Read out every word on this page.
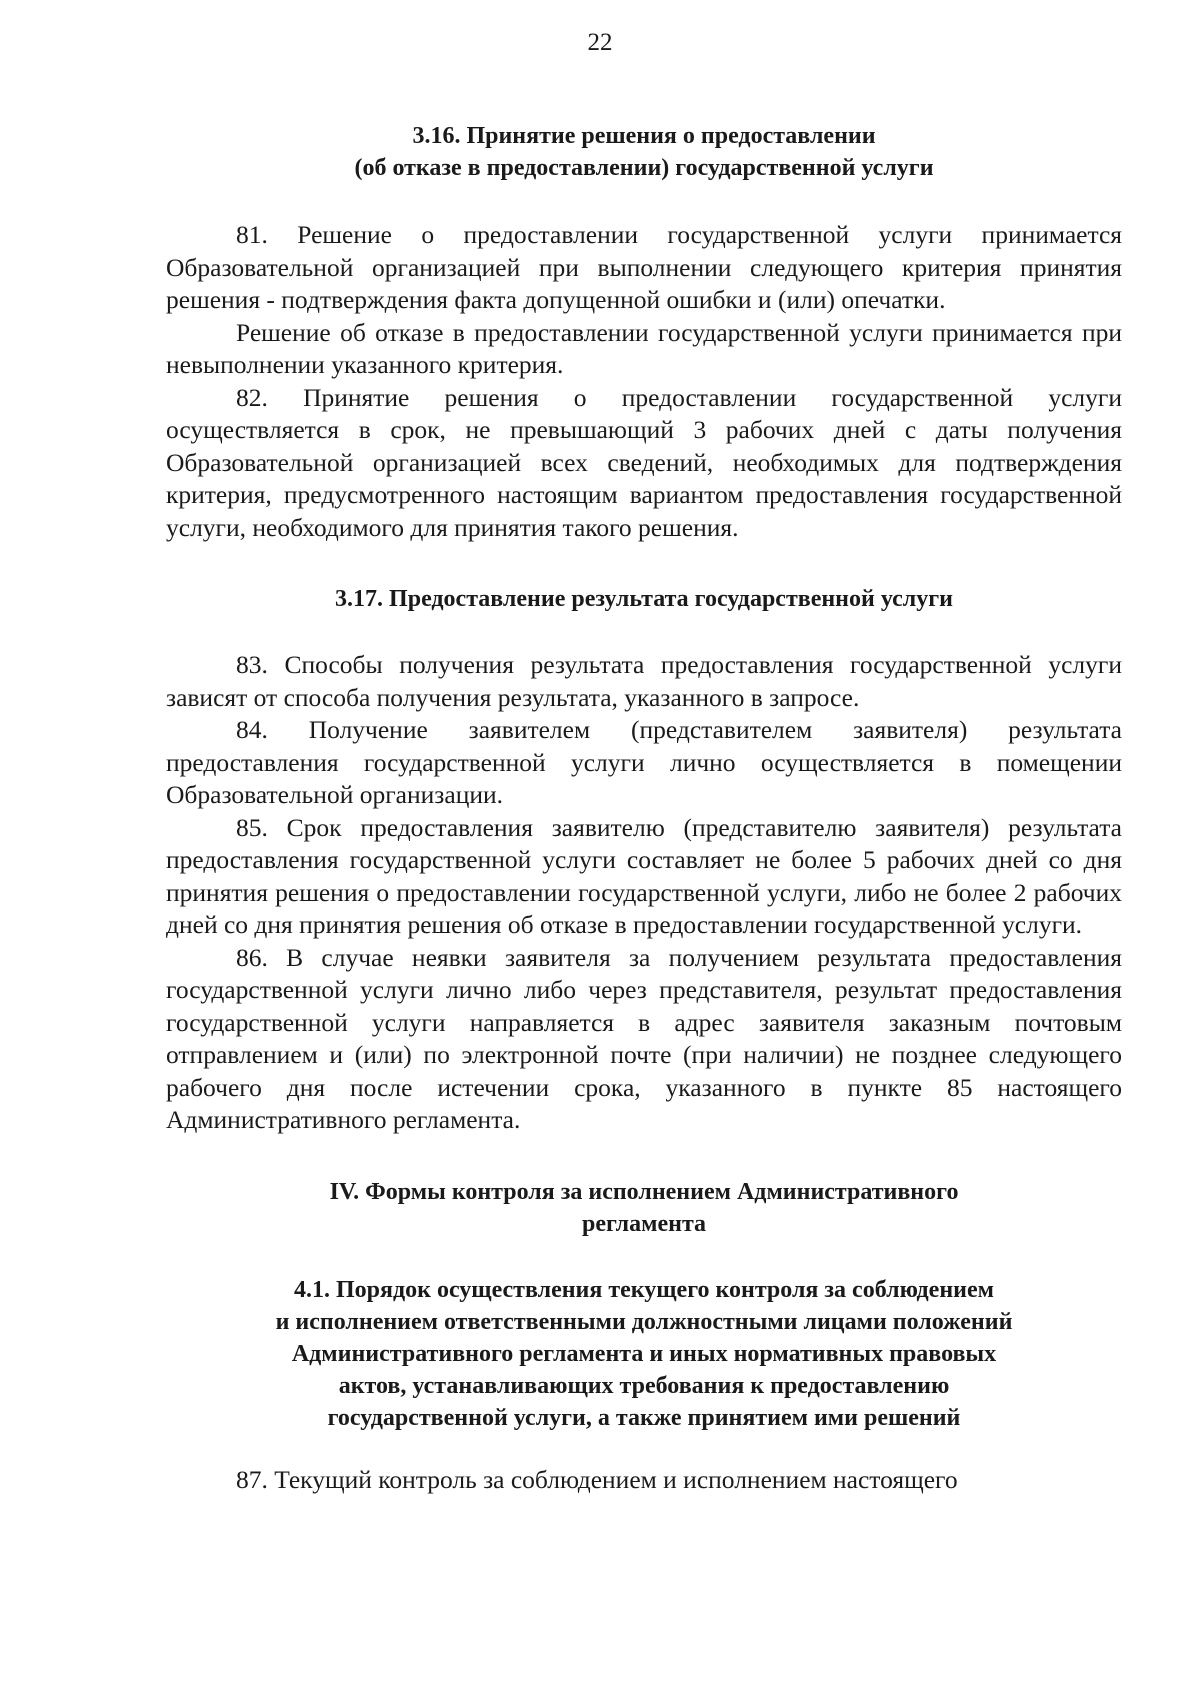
22
3.16. Принятие решения о предоставлении
(об отказе в предоставлении) государственной услуги

81. Решение о предоставлении государственной услуги принимается Образовательной организацией при выполнении следующего критерия принятия решения - подтверждения факта допущенной ошибки и (или) опечатки.

Решение об отказе в предоставлении государственной услуги принимается при невыполнении указанного критерия.

82. Принятие решения о предоставлении государственной услуги осуществляется в срок, не превышающий 3 рабочих дней с даты получения Образовательной организацией всех сведений, необходимых для подтверждения критерия, предусмотренного настоящим вариантом предоставления государственной услуги, необходимого для принятия такого решения.

3.17. Предоставление результата государственной услуги

83. Способы получения результата предоставления государственной услуги зависят от способа получения результата, указанного в запросе.

84. Получение заявителем (представителем заявителя) результата предоставления государственной услуги лично осуществляется в помещении Образовательной организации.

85. Срок предоставления заявителю (представителю заявителя) результата предоставления государственной услуги составляет не более 5 рабочих дней со дня принятия решения о предоставлении государственной услуги, либо не более 2 рабочих дней со дня принятия решения об отказе в предоставлении государственной услуги.

86. В случае неявки заявителя за получением результата предоставления государственной услуги лично либо через представителя, результат предоставления государственной услуги направляется в адрес заявителя заказным почтовым отправлением и (или) по электронной почте (при наличии) не позднее следующего рабочего дня после истечении срока, указанного в пункте 85 настоящего Административного регламента.

IV. Формы контроля за исполнением Административного
регламента
4.1. Порядок осуществления текущего контроля за соблюдением
и исполнением ответственными должностными лицами положений
Административного регламента и иных нормативных правовых
актов, устанавливающих требования к предоставлению
государственной услуги, а также принятием ими решений

87. Текущий контроль за соблюдением и исполнением настоящего
